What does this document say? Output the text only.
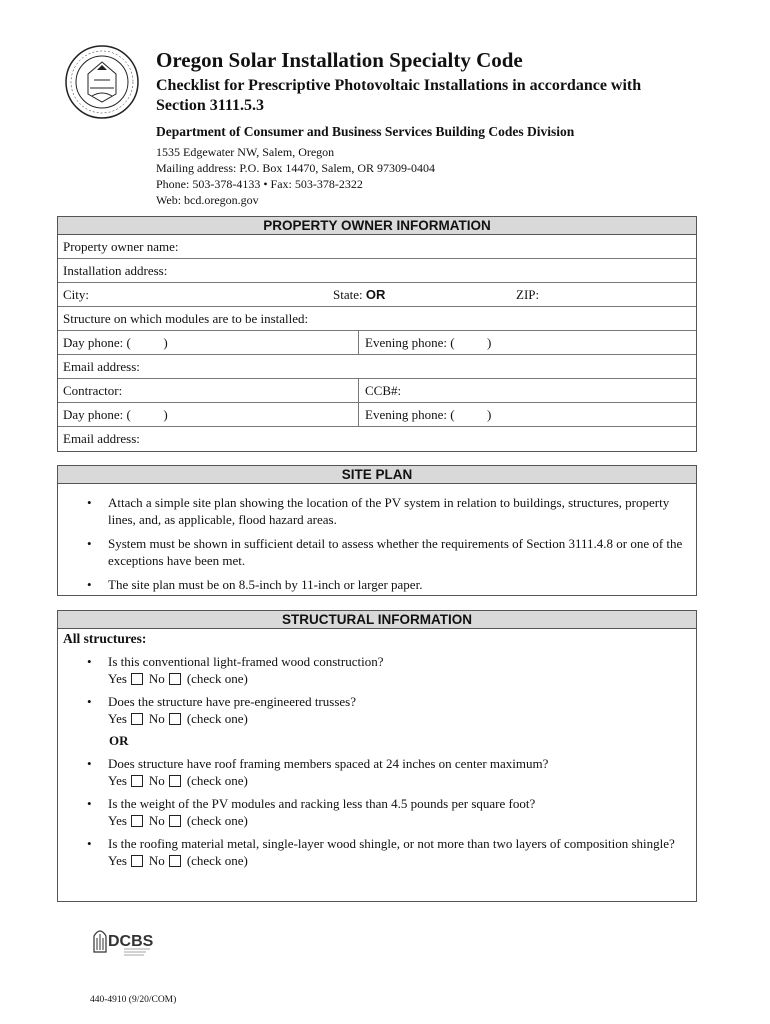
Oregon Solar Installation Specialty Code
Checklist for Prescriptive Photovoltaic Installations in accordance with Section 3111.5.3
Department of Consumer and Business Services Building Codes Division
1535 Edgewater NW, Salem, Oregon
Mailing address: P.O. Box 14470, Salem, OR 97309-0404
Phone: 503-378-4133 • Fax: 503-378-2322
Web: bcd.oregon.gov
PROPERTY OWNER INFORMATION
Property owner name:
Installation address:
City:	State: OR	ZIP:
Structure on which modules are to be installed:
Day phone: (          )	Evening phone: (          )
Email address:
Contractor:	CCB#:
Day phone: (          )	Evening phone: (          )
Email address:
SITE PLAN
• Attach a simple site plan showing the location of the PV system in relation to buildings, structures, property lines, and, as applicable, flood hazard areas.
• System must be shown in sufficient detail to assess whether the requirements of Section 3111.4.8 or one of the exceptions have been met.
• The site plan must be on 8.5-inch by 11-inch or larger paper.
STRUCTURAL INFORMATION
All structures:
• Is this conventional light-framed wood construction?
Yes No (check one)
• Does the structure have pre-engineered trusses?
Yes No (check one)
OR
• Does structure have roof framing members spaced at 24 inches on center maximum?
Yes No (check one)
• Is the weight of the PV modules and racking less than 4.5 pounds per square foot?
Yes No (check one)
• Is the roofing material metal, single-layer wood shingle, or not more than two layers of composition shingle?
Yes No (check one)
DCBS
440-4910 (9/20/COM)
